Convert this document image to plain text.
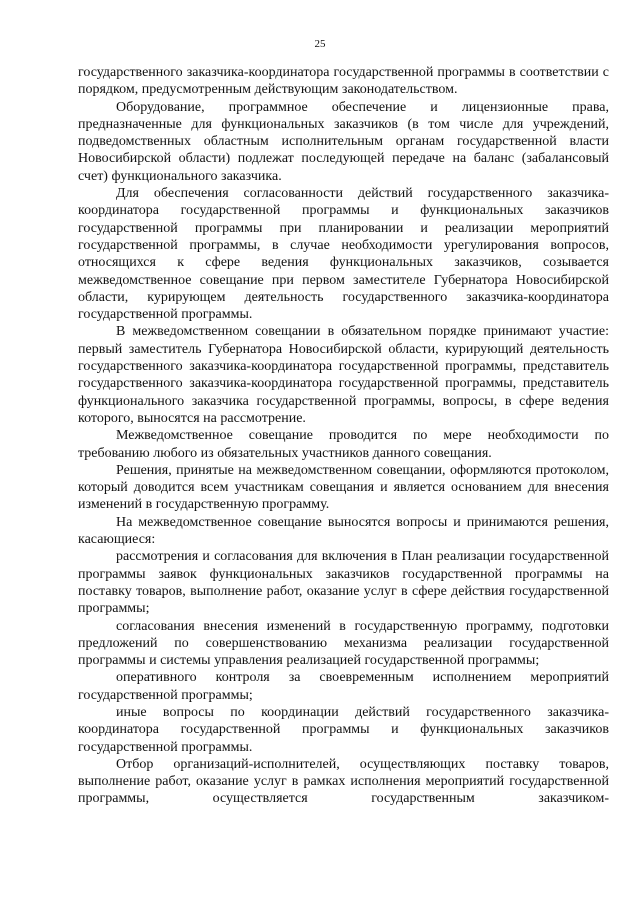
25

государственного заказчика-координатора государственной программы в соответствии с порядком, предусмотренным действующим законодательством.

Оборудование, программное обеспечение и лицензионные права, предназначенные для функциональных заказчиков (в том числе для учреждений, подведомственных областным исполнительным органам государственной власти Новосибирской области) подлежат последующей передаче на баланс (забалансовый счет) функционального заказчика.

Для обеспечения согласованности действий государственного заказчика-координатора государственной программы и функциональных заказчиков государственной программы при планировании и реализации мероприятий государственной программы, в случае необходимости урегулирования вопросов, относящихся к сфере ведения функциональных заказчиков, созывается межведомственное совещание при первом заместителе Губернатора Новосибирской области, курирующем деятельность государственного заказчика-координатора государственной программы.

В межведомственном совещании в обязательном порядке принимают участие: первый заместитель Губернатора Новосибирской области, курирующий деятельность государственного заказчика-координатора государственной программы, представитель государственного заказчика-координатора государственной программы, представитель функционального заказчика государственной программы, вопросы, в сфере ведения которого, выносятся на рассмотрение.

Межведомственное совещание проводится по мере необходимости по требованию любого из обязательных участников данного совещания.

Решения, принятые на межведомственном совещании, оформляются протоколом, который доводится всем участникам совещания и является основанием для внесения изменений в государственную программу.

На межведомственное совещание выносятся вопросы и принимаются решения, касающиеся:

рассмотрения и согласования для включения в План реализации государственной программы заявок функциональных заказчиков государственной программы на поставку товаров, выполнение работ, оказание услуг в сфере действия государственной программы;

согласования внесения изменений в государственную программу, подготовки предложений по совершенствованию механизма реализации государственной программы и системы управления реализацией государственной программы;

оперативного контроля за своевременным исполнением мероприятий государственной программы;

иные вопросы по координации действий государственного заказчика-координатора государственной программы и функциональных заказчиков государственной программы.

Отбор организаций-исполнителей, осуществляющих поставку товаров, выполнение работ, оказание услуг в рамках исполнения мероприятий государственной программы, осуществляется государственным заказчиком-
